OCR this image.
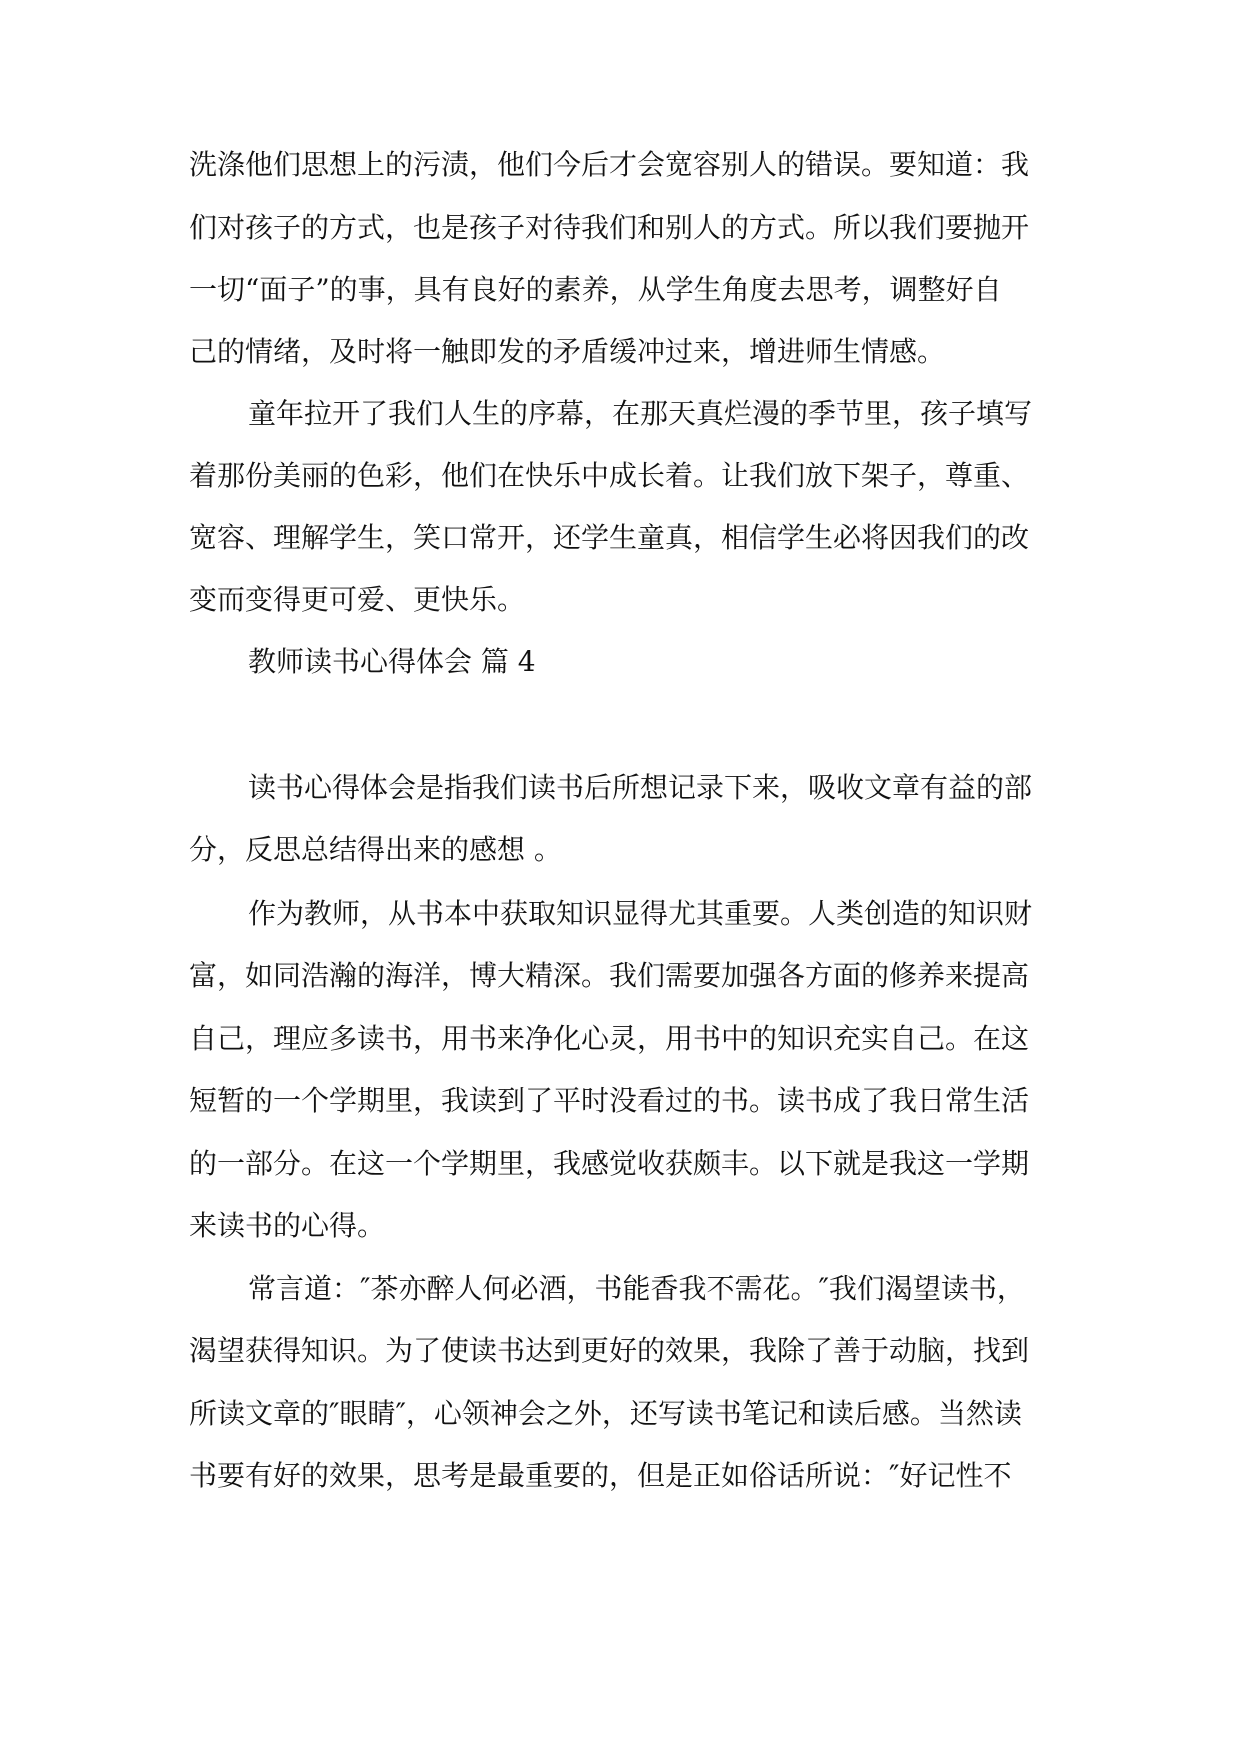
洗涤他们思想上的污渍，他们今后才会宽容别人的错误。要知道：我
们对孩子的方式，也是孩子对待我们和别人的方式。所以我们要抛开
一切“面子”的事，具有良好的素养，从学生角度去思考，调整好自
己的情绪，及时将一触即发的矛盾缓冲过来，增进师生情感。
童年拉开了我们人生的序幕，在那天真烂漫的季节里，孩子填写
着那份美丽的色彩，他们在快乐中成长着。让我们放下架子，尊重、
宽容、理解学生，笑口常开，还学生童真，相信学生必将因我们的改
变而变得更可爱、更快乐。
教师读书心得体会 篇 4
读书心得体会是指我们读书后所想记录下来，吸收文章有益的部
分，反思总结得出来的感想 。
作为教师，从书本中获取知识显得尤其重要。人类创造的知识财
富，如同浩瀚的海洋，博大精深。我们需要加强各方面的修养来提高
自己，理应多读书，用书来净化心灵，用书中的知识充实自己。在这
短暂的一个学期里，我读到了平时没看过的书。读书成了我日常生活
的一部分。在这一个学期里，我感觉收获颇丰。以下就是我这一学期
来读书的心得。
常言道：″茶亦醉人何必酒，书能香我不需花。″我们渴望读书，
渴望获得知识。为了使读书达到更好的效果，我除了善于动脑，找到
所读文章的″眼睛″，心领神会之外，还写读书笔记和读后感。当然读
书要有好的效果，思考是最重要的，但是正如俗话所说：″好记性不
